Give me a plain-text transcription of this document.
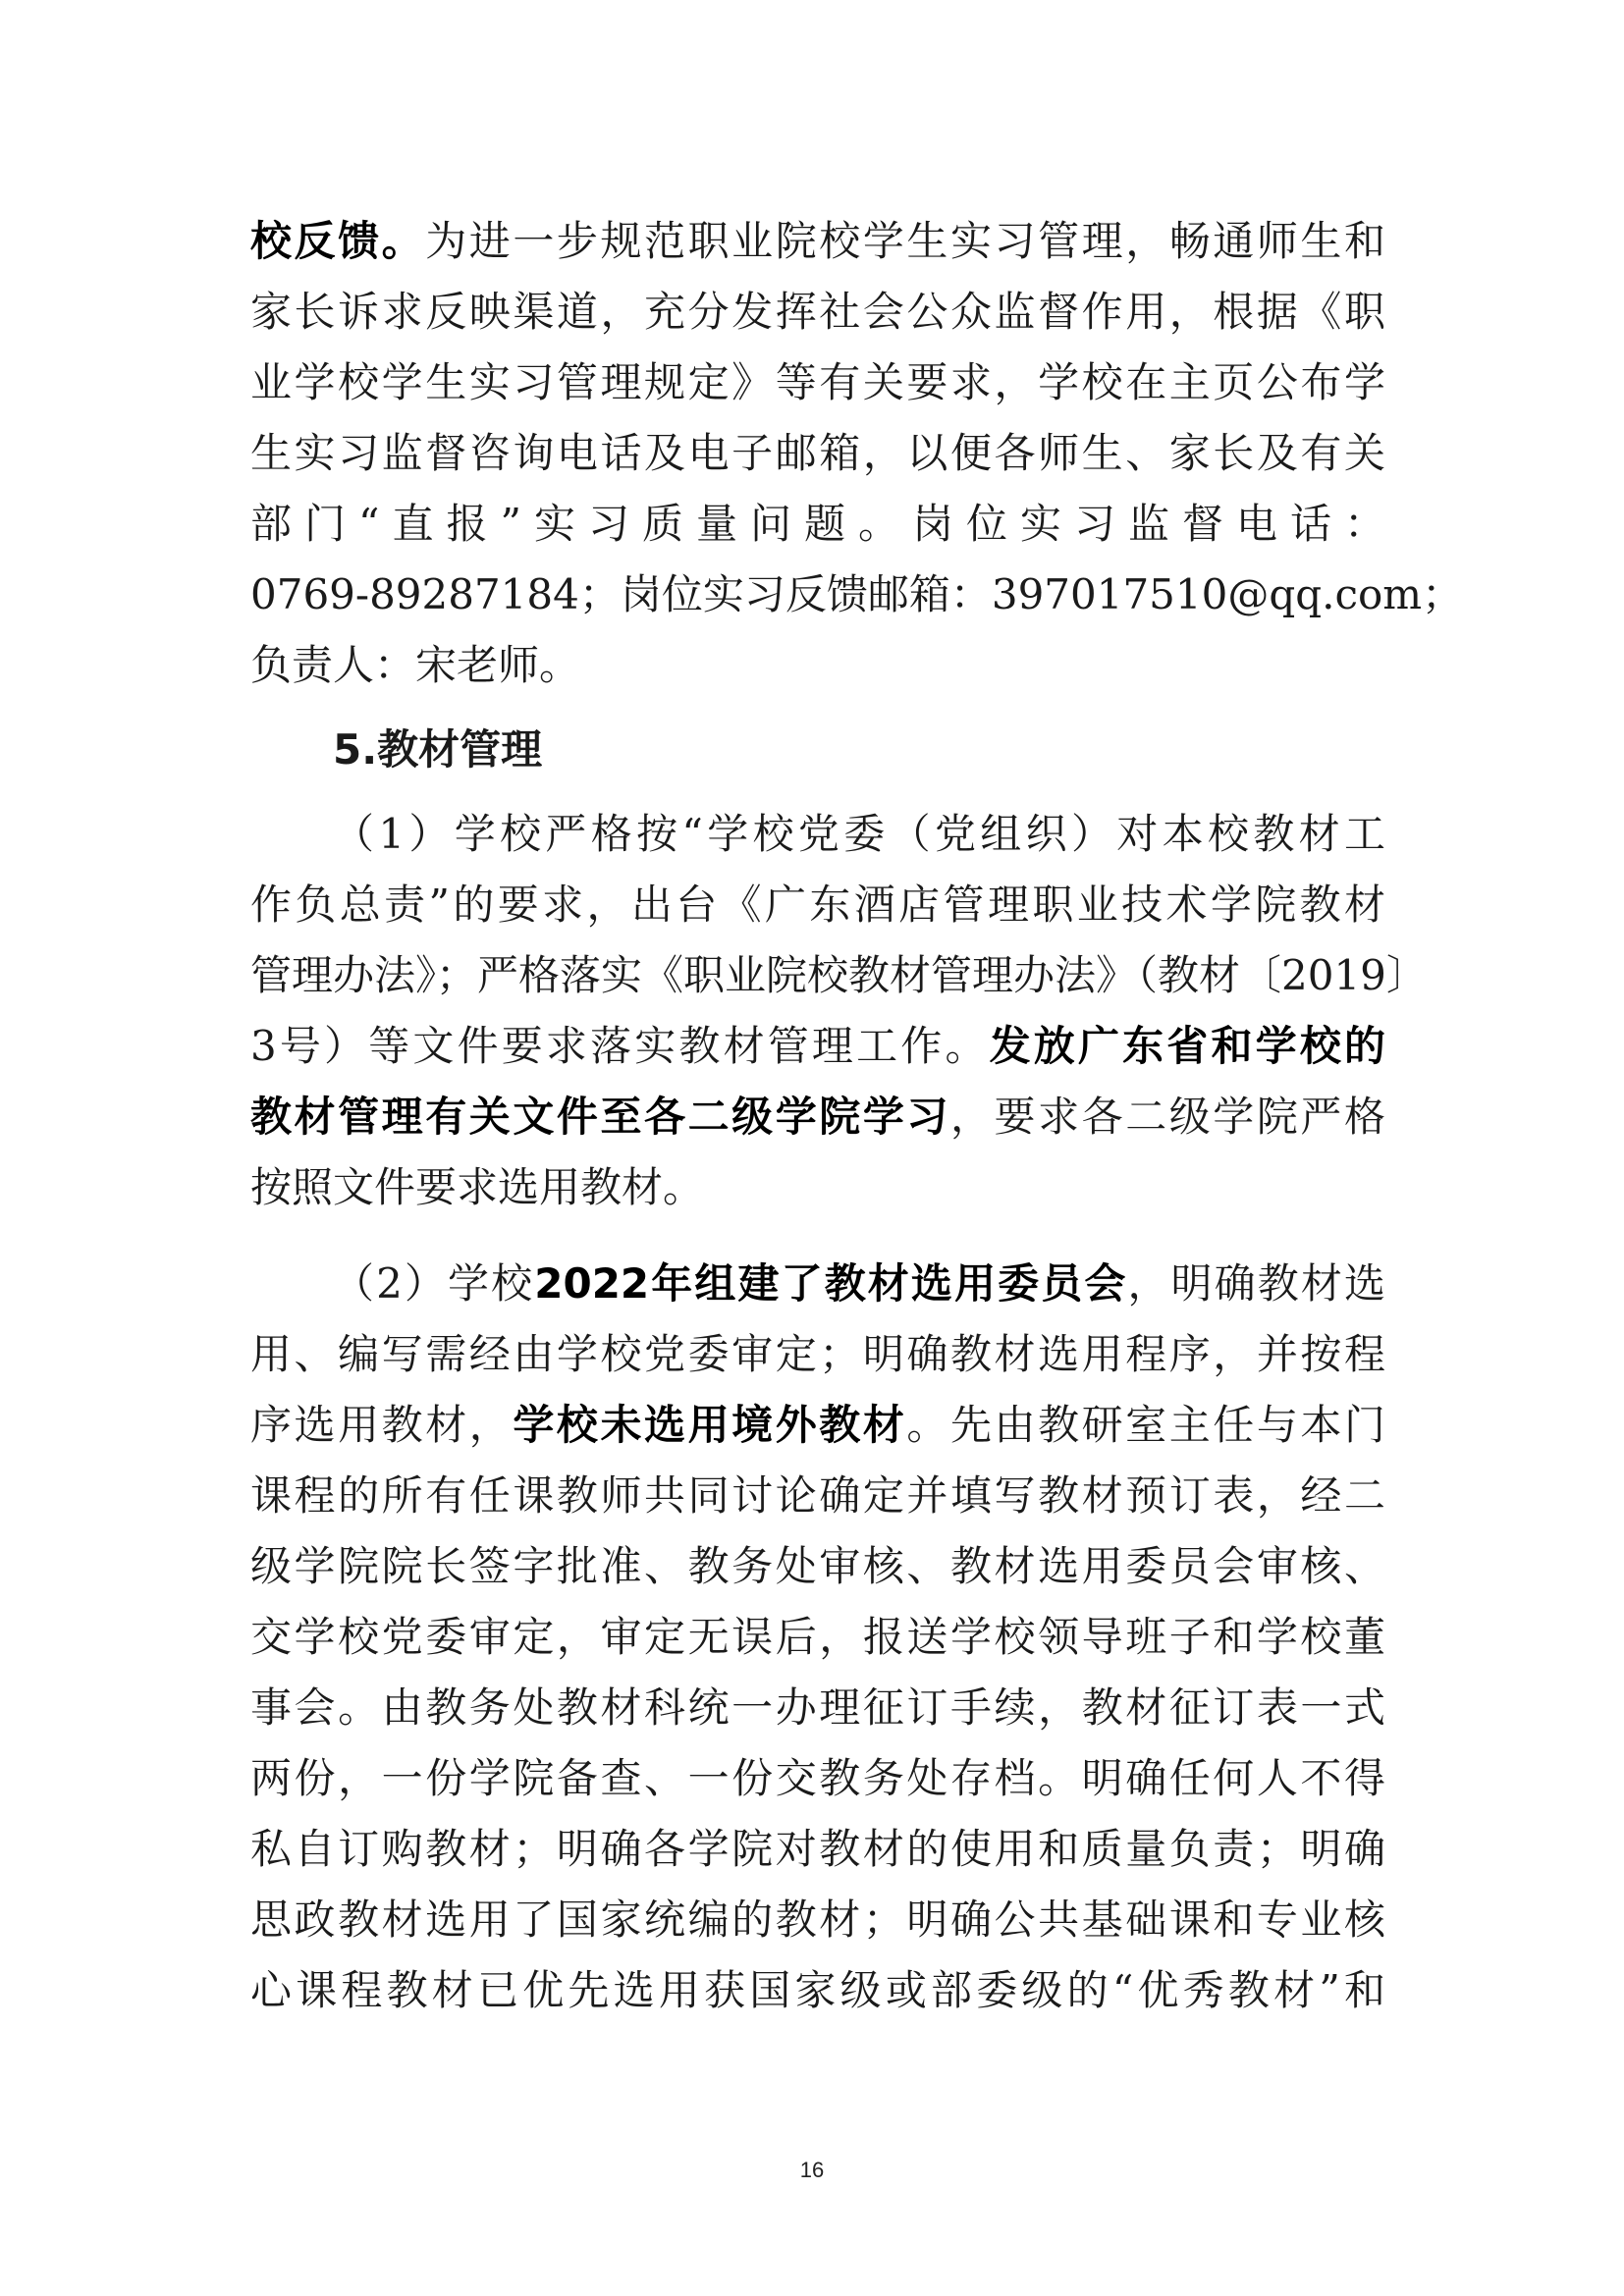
校反馈。为进一步规范职业院校学生实习管理，畅通师生和
家长诉求反映渠道，充分发挥社会公众监督作用，根据《职
业学校学生实习管理规定》等有关要求，学校在主页公布学
生实习监督咨询电话及电子邮箱，以便各师生、家长及有关
部门“直报”实习质量问题。岗位实习监督电话：
0769-89287184；岗位实习反馈邮箱：397017510@qq.com；
负责人：宋老师。
5.教材管理
（1）学校严格按“学校党委（党组织）对本校教材工
作负总责”的要求，出台《广东酒店管理职业技术学院教材
管理办法》；严格落实《职业院校教材管理办法》（教材〔2019〕
3号）等文件要求落实教材管理工作。发放广东省和学校的
教材管理有关文件至各二级学院学习，要求各二级学院严格
按照文件要求选用教材。
（2）学校2022年组建了教材选用委员会，明确教材选
用、编写需经由学校党委审定；明确教材选用程序，并按程
序选用教材，学校未选用境外教材。先由教研室主任与本门
课程的所有任课教师共同讨论确定并填写教材预订表，经二
级学院院长签字批准、教务处审核、教材选用委员会审核、
交学校党委审定，审定无误后，报送学校领导班子和学校董
事会。由教务处教材科统一办理征订手续，教材征订表一式
两份，一份学院备查、一份交教务处存档。明确任何人不得
私自订购教材；明确各学院对教材的使用和质量负责；明确
思政教材选用了国家统编的教材；明确公共基础课和专业核
心课程教材已优先选用获国家级或部委级的“优秀教材”和
16
